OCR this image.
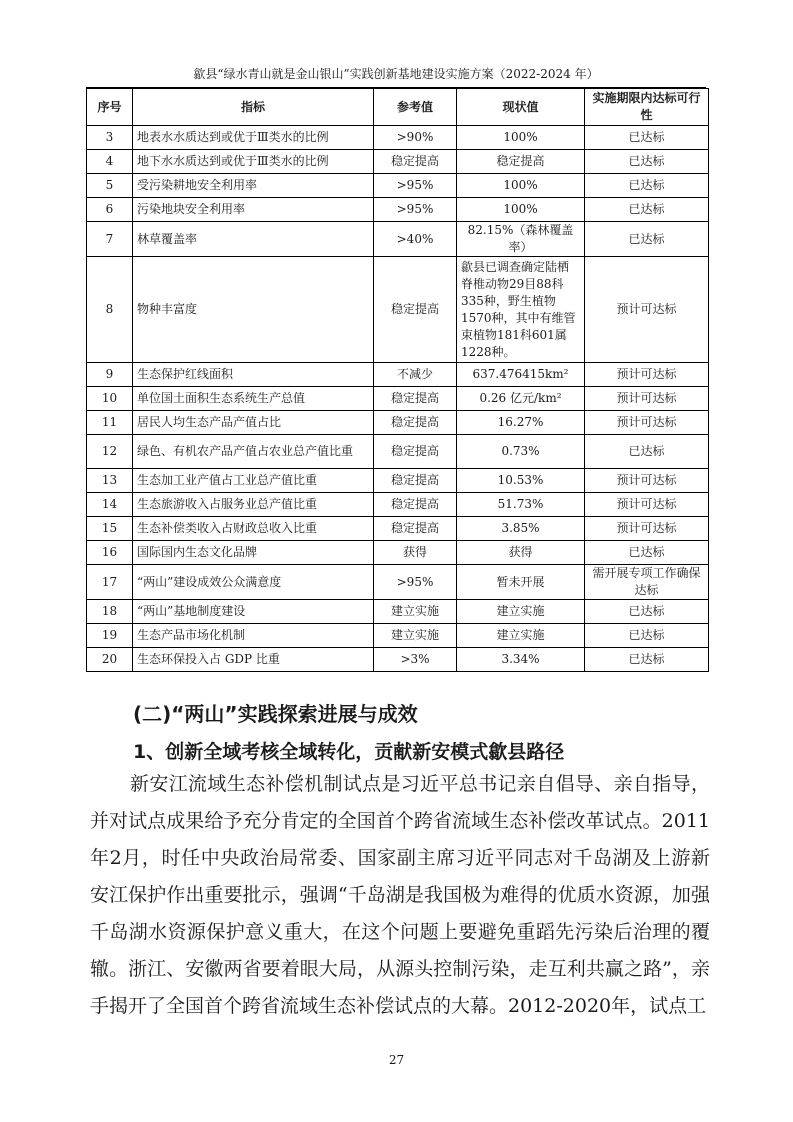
歙县“绿水青山就是金山银山”实践创新基地建设实施方案（2022-2024 年）
序号	指标	参考值	现状值	实施期限内达标可行性
3	地表水水质达到或优于Ⅲ类水的比例	>90%	100%	已达标
4	地下水水质达到或优于Ⅲ类水的比例	稳定提高	稳定提高	已达标
5	受污染耕地安全利用率	>95%	100%	已达标
6	污染地块安全利用率	>95%	100%	已达标
7	林草覆盖率	>40%	82.15%（森林覆盖率）	已达标
8	物种丰富度	稳定提高	歙县已调查确定陆栖脊椎动物29目88科335种，野生植物1570种，其中有维管束植物181科601属1228种。	预计可达标
9	生态保护红线面积	不减少	637.476415km²	预计可达标
10	单位国土面积生态系统生产总值	稳定提高	0.26 亿元/km²	预计可达标
11	居民人均生态产品产值占比	稳定提高	16.27%	预计可达标
12	绿色、有机农产品产值占农业总产值比重	稳定提高	0.73%	已达标
13	生态加工业产值占工业总产值比重	稳定提高	10.53%	预计可达标
14	生态旅游收入占服务业总产值比重	稳定提高	51.73%	预计可达标
15	生态补偿类收入占财政总收入比重	稳定提高	3.85%	预计可达标
16	国际国内生态文化品牌	获得	获得	已达标
17	“两山”建设成效公众满意度	>95%	暂未开展	需开展专项工作确保达标
18	“两山”基地制度建设	建立实施	建立实施	已达标
19	生态产品市场化机制	建立实施	建立实施	已达标
20	生态环保投入占 GDP 比重	>3%	3.34%	已达标
(二)“两山”实践探索进展与成效
1、创新全域考核全域转化，贡献新安模式歙县路径

新安江流域生态补偿机制试点是习近平总书记亲自倡导、亲自指导，并对试点成果给予充分肯定的全国首个跨省流域生态补偿改革试点。2011年2月，时任中央政治局常委、国家副主席习近平同志对千岛湖及上游新安江保护作出重要批示，强调“千岛湖是我国极为难得的优质水资源，加强千岛湖水资源保护意义重大，在这个问题上要避免重蹈先污染后治理的覆辙。浙江、安徽两省要着眼大局，从源头控制污染，走互利共赢之路”，亲手揭开了全国首个跨省流域生态补偿试点的大幕。2012-2020年，试点工

27
